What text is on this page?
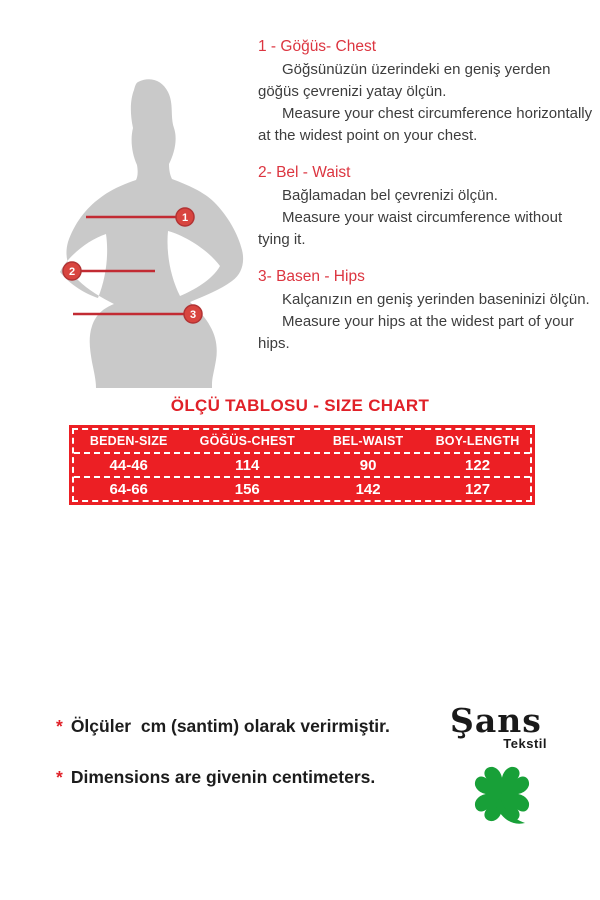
1
2
3
1 - Göğüs- Chest

Göğsünüzün üzerindeki en geniş yerden göğüs çevrenizi yatay ölçün.

Measure your chest circumference horizontally at the widest point on your chest.

2- Bel - Waist

Bağlamadan bel çevrenizi ölçün.

Measure your waist circumference without tying it.

3- Basen - Hips

Kalçanızın en geniş yerinden baseninizi ölçün.

Measure your hips at the widest part of your hips.

ÖLÇÜ TABLOSU - SIZE CHART
BEDEN-SIZE	GÖĞÜS-CHEST	BEL-WAIST	BOY-LENGTH
44-46	114	90	122
64-66	156	142	127

* Ölçüler  cm (santim) olarak verirmiştir.

* Dimensions are givenin centimeters.

Şans
Tekstil
